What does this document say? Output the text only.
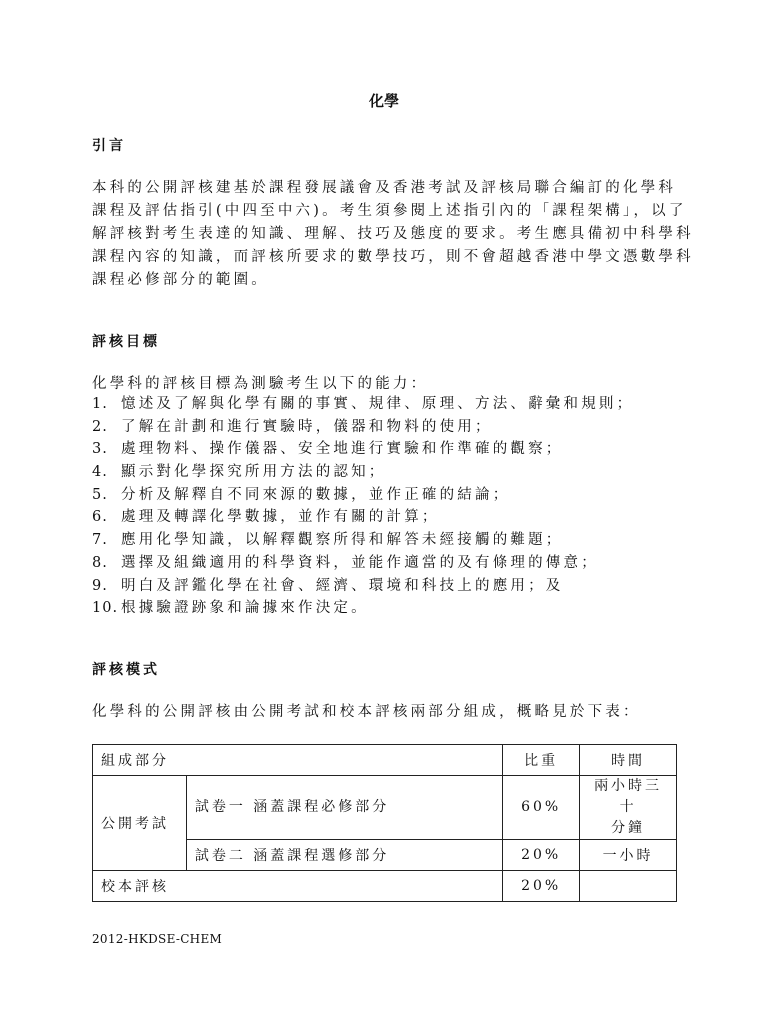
化學
引言
本科的公開評核建基於課程發展議會及香港考試及評核局聯合編訂的化學科
課程及評估指引(中四至中六)。考生須參閱上述指引內的「課程架構」，以了
解評核對考生表達的知識、理解、技巧及態度的要求。考生應具備初中科學科
課程內容的知識，而評核所要求的數學技巧，則不會超越香港中學文憑數學科
課程必修部分的範圍。
評核目標
化學科的評核目標為測驗考生以下的能力：
1. 憶述及了解與化學有關的事實、規律、原理、方法、辭彙和規則；
2. 了解在計劃和進行實驗時，儀器和物料的使用；
3. 處理物料、操作儀器、安全地進行實驗和作準確的觀察；
4. 顯示對化學探究所用方法的認知；
5. 分析及解釋自不同來源的數據，並作正確的結論；
6. 處理及轉譯化學數據，並作有關的計算；
7. 應用化學知識，以解釋觀察所得和解答未經接觸的難題；
8. 選擇及組織適用的科學資料，並能作適當的及有條理的傳意；
9. 明白及評鑑化學在社會、經濟、環境和科技上的應用；及
10. 根據驗證跡象和論據來作決定。
評核模式
化學科的公開評核由公開考試和校本評核兩部分組成，概略見於下表：
組成部分		比重	時間
公開考試	試卷一 涵蓋課程必修部分	60%	兩小時三十
分鐘
	試卷二 涵蓋課程選修部分	20%	一小時
校本評核		20%	
2012-HKDSE-CHEM
